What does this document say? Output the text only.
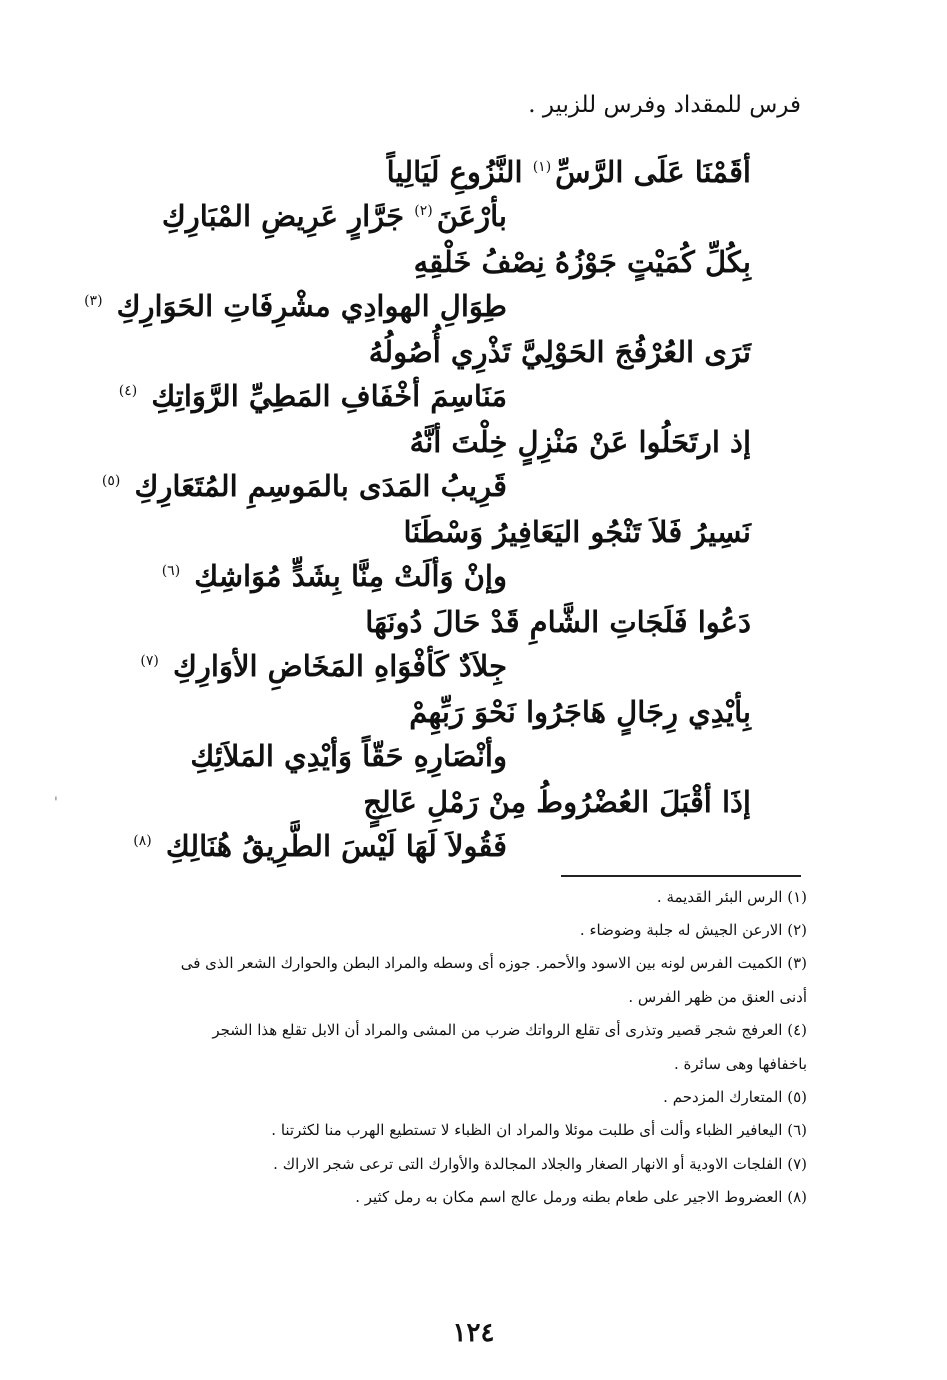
فرس للمقداد وفرس للزبير .
أقَمْنَا عَلَى الرَّسِّ$^{(١)}$ النَّزُوعِ لَيَالِياً
بأرْعَنَ$^{(٢)}$ جَرَّارٍ عَرِيضِ المْبَارِكِ
بِكُلِّ كُمَيْتٍ جَوْزُهُ نِصْفُ خَلْقِهِ
طِوَالِ الهوادِي مشْرِفَاتِ الحَوَارِكِ $^{(٣)}$
تَرَى العُرْفُجَ الحَوْلِيَّ تَذْرِي أُصُولُهُ
مَنَاسِمَ أخْفَافِ المَطِيِّ الرَّوَاتِكِ $^{(٤)}$
إذ ارتَحَلُوا عَنْ مَنْزِلٍ خِلْتَ أنَّهُ
قَرِيبُ المَدَى بالمَوسِمِ المُتَعَارِكِ $^{(٥)}$
نَسِيرُ فَلاَ تَنْجُو اليَعَافِيرُ وَسْطَنَا
وإنْ وَألَتْ مِنَّا بِشَدٍّ مُوَاشِكِ $^{(٦)}$
دَعُوا فَلَجَاتِ الشَّامِ قَدْ حَالَ دُونَهَا
جِلاَدٌ كَأفْوَاهِ المَخَاضِ الأوَارِكِ $^{(٧)}$
بِأيْدِي رِجَالٍ هَاجَرُوا نَحْوَ رَبِّهِمْ
وأنْصَارِهِ حَقّاً وَأيْدِي المَلاَئِكِ
إذَا أقْبَلَ العُضْرُوطُ مِنْ رَمْلِ عَالِجٍ
فَقُولاَ لَهَا لَيْسَ الطَّرِيقُ هُنَالِكِ $^{(٨)}$
(١) الرس البئر القديمة .
(٢) الارعن الجيش له جلبة وضوضاء .
(٣) الكميت الفرس لونه بين الاسود والأحمر. جوزه أى وسطه والمراد البطن والحوارك الشعر الذى فى
أدنى العنق من ظهر الفرس .
(٤) العرفج شجر قصير وتذرى أى تقلع الرواتك ضرب من المشى والمراد أن الابل تقلع هذا الشجر
باخفافها وهى سائرة .
(٥) المتعارك المزدحم .
(٦) اليعافير الظباء وألت أى طلبت موئلا والمراد ان الظباء لا تستطيع الهرب منا لكثرتنا .
(٧) الفلجات الاودية أو الانهار الصغار والجلاد المجالدة والأوارك التى ترعى شجر الاراك .
(٨) العضروط الاجير على طعام بطنه ورمل عالج اسم مكان به رمل كثير .
١٢٤
'
